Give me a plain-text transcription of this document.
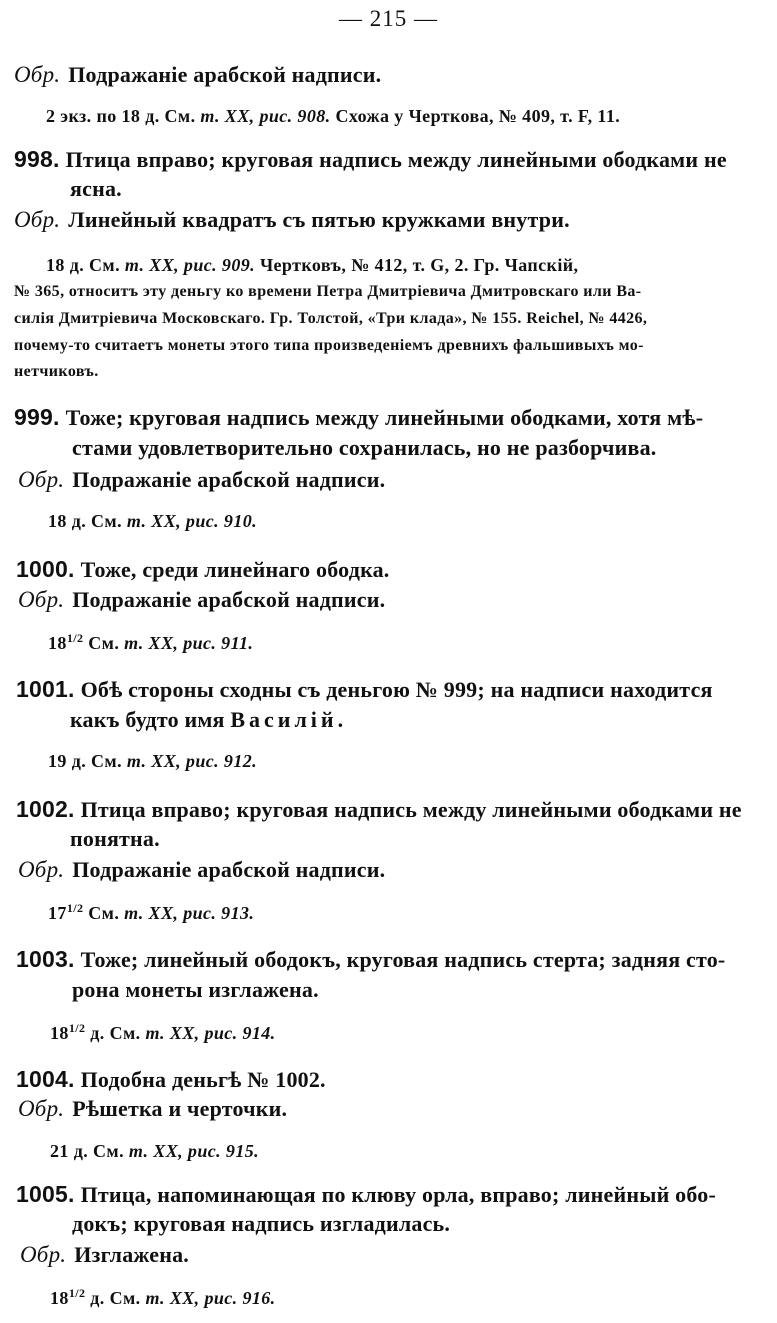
— 215 —
Обр. Подражаніе арабской надписи.
2 экз. по 18 д. См. т. XX, рис. 908. Схожа у Черткова, № 409, т. F, 11.
998. Птица вправо; круговая надпись между линейными ободками не
ясна.
Обр. Линейный квадратъ съ пятью кружками внутри.
18 д. См. т. XX, рис. 909. Чертковъ, № 412, т. G, 2. Гр. Чапскій,
№ 365, относитъ эту деньгу ко времени Петра Дмитріевича Дмитровскаго или Ва-
силія Дмитріевича Московскаго. Гр. Толстой, «Три клада», № 155. Reichel, № 4426,
почему-то считаетъ монеты этого типа произведеніемъ древнихъ фальшивыхъ мо-
нетчиковъ.
999. Тоже; круговая надпись между линейными ободками, хотя мѣ-
стами удовлетворительно сохранилась, но не разборчива.
Обр. Подражаніе арабской надписи.
18 д. См. т. XX, рис. 910.
1000. Тоже, среди линейнаго ободка.
Обр. Подражаніе арабской надписи.
$18^{1/2}$ См. т. XX, рис. 911.
1001. Обѣ стороны сходны съ деньгою № 999; на надписи находится
какъ будто имя Василій.
19 д. См. т. XX, рис. 912.
1002. Птица вправо; круговая надпись между линейными ободками не
понятна.
Обр. Подражаніе арабской надписи.
$17^{1/2}$ См. т. XX, рис. 913.
1003. Тоже; линейный ободокъ, круговая надпись стерта; задняя сто-
рона монеты изглажена.
$18^{1/2}$ д. См. т. XX, рис. 914.
1004. Подобна деньгѣ № 1002.
Обр. Рѣшетка и черточки.
21 д. См. т. XX, рис. 915.
1005. Птица, напоминающая по клюву орла, вправо; линейный обо-
докъ; круговая надпись изгладилась.
Обр. Изглажена.
$18^{1/2}$ д. См. т. XX, рис. 916.
